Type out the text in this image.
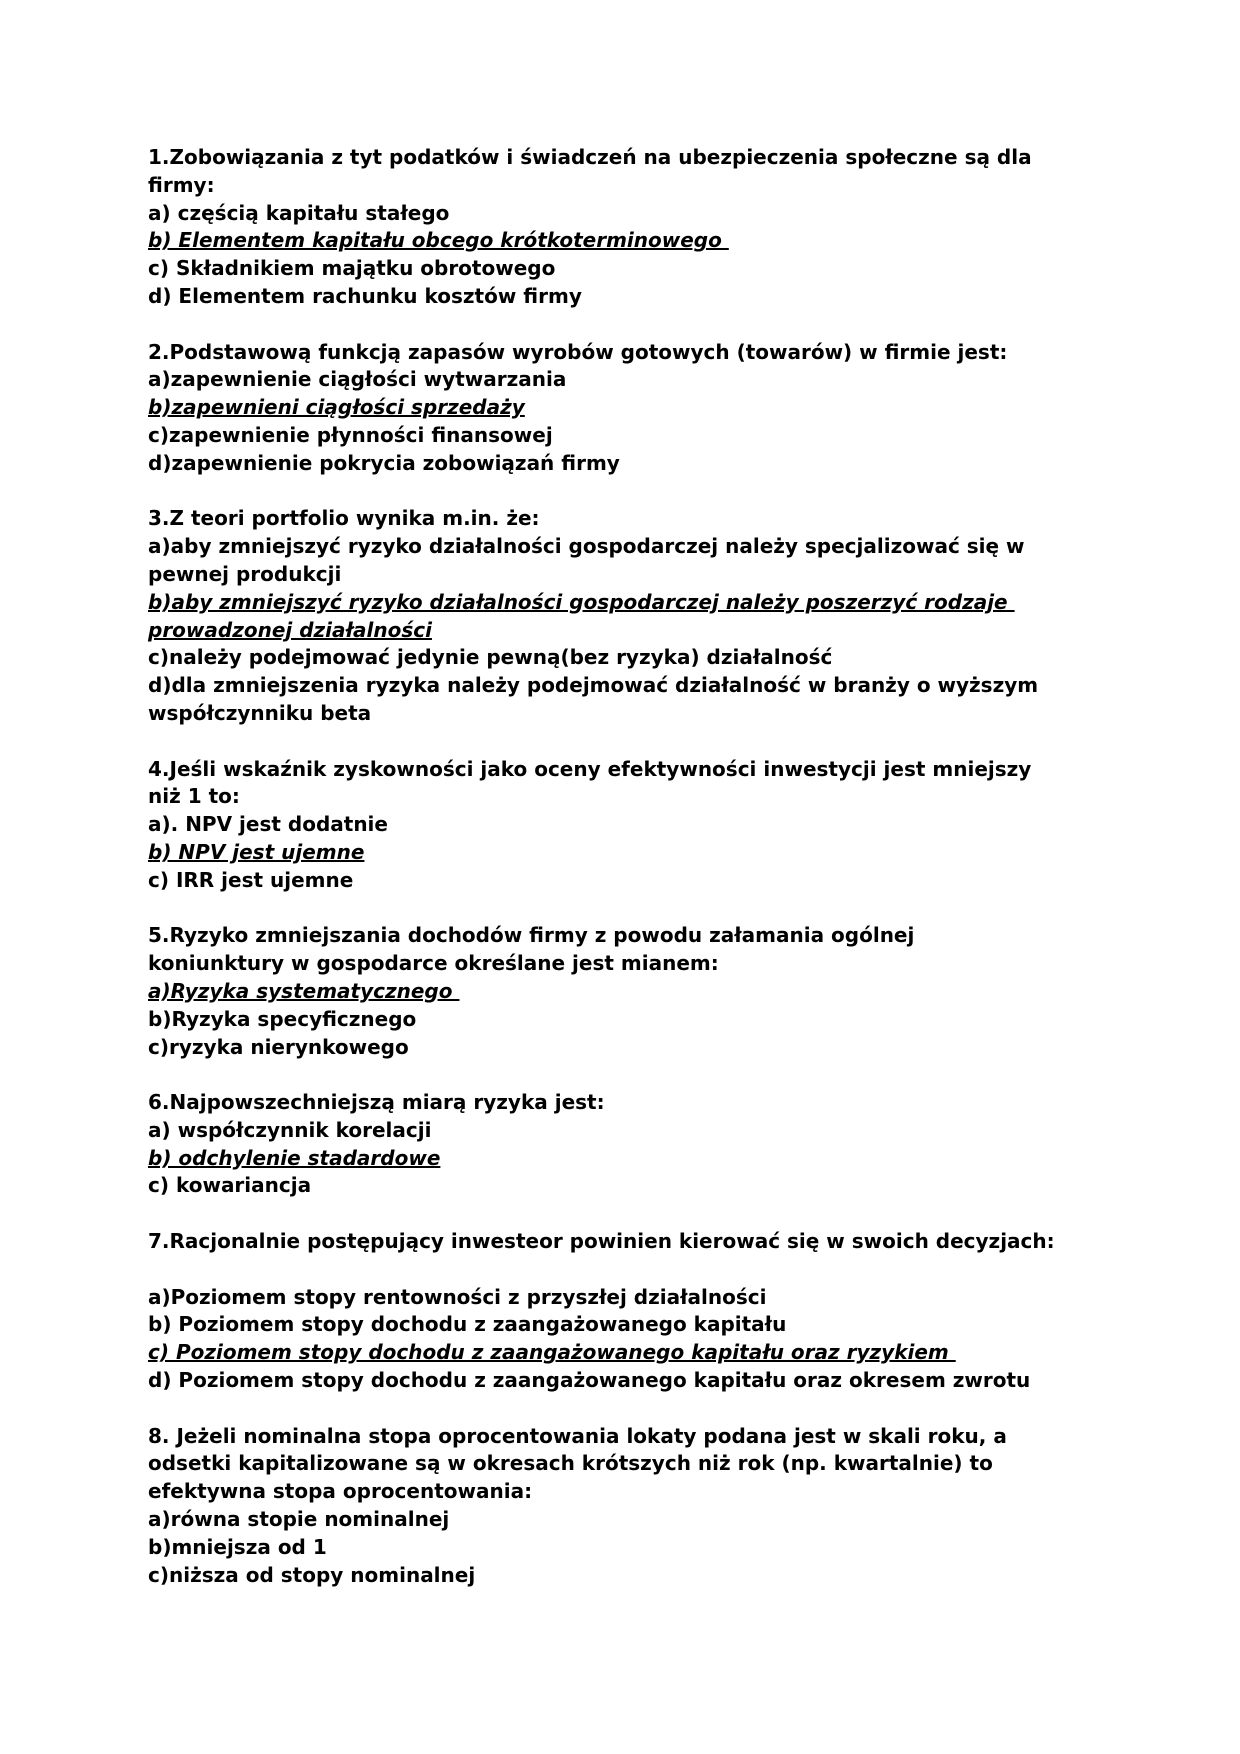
1.Zobowiązania z tyt podatków i świadczeń na ubezpieczenia społeczne są dla
firmy:
a) częścią kapitału stałego
b) Elementem kapitału obcego krótkoterminowego
c) Składnikiem majątku obrotowego
d) Elementem rachunku kosztów firmy
2.Podstawową funkcją zapasów wyrobów gotowych (towarów) w firmie jest:
a)zapewnienie ciągłości wytwarzania
b)zapewnieni ciągłości sprzedaży
c)zapewnienie płynności finansowej
d)zapewnienie pokrycia zobowiązań firmy
3.Z teori portfolio wynika m.in. że:
a)aby zmniejszyć ryzyko działalności gospodarczej należy specjalizować się w
pewnej produkcji
b)aby zmniejszyć ryzyko działalności gospodarczej należy poszerzyć rodzaje
prowadzonej działalności
c)należy podejmować jedynie pewną(bez ryzyka) działalność
d)dla zmniejszenia ryzyka należy podejmować działalność w branży o wyższym
współczynniku beta
4.Jeśli wskaźnik zyskowności jako oceny efektywności inwestycji jest mniejszy
niż 1 to:
a). NPV jest dodatnie
b) NPV jest ujemne
c) IRR jest ujemne
5.Ryzyko zmniejszania dochodów firmy z powodu załamania ogólnej
koniunktury w gospodarce określane jest mianem:
a)Ryzyka systematycznego
b)Ryzyka specyficznego
c)ryzyka nierynkowego
6.Najpowszechniejszą miarą ryzyka jest:
a) współczynnik korelacji
b) odchylenie stadardowe
c) kowariancja
7.Racjonalnie postępujący inwesteor powinien kierować się w swoich decyzjach:
a)Poziomem stopy rentowności z przyszłej działalności
b) Poziomem stopy dochodu z zaangażowanego kapitału
c) Poziomem stopy dochodu z zaangażowanego kapitału oraz ryzykiem
d) Poziomem stopy dochodu z zaangażowanego kapitału oraz okresem zwrotu
8. Jeżeli nominalna stopa oprocentowania lokaty podana jest w skali roku, a
odsetki kapitalizowane są w okresach krótszych niż rok (np. kwartalnie) to
efektywna stopa oprocentowania:
a)równa stopie nominalnej
b)mniejsza od 1
c)niższa od stopy nominalnej
